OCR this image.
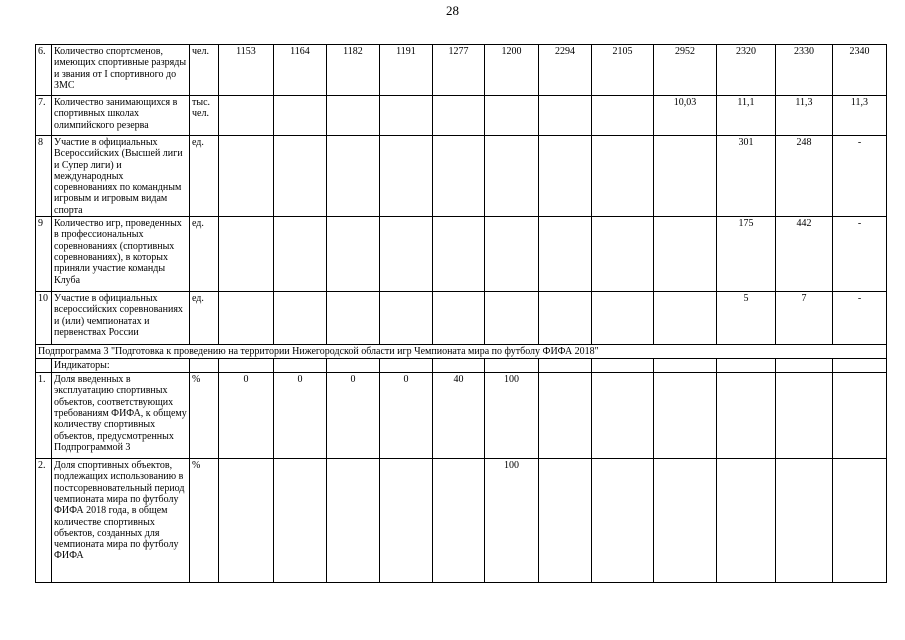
28
6.	Количество спортсменов, имеющих спортивные разряды и звания от I спортивного до ЗМС	чел.	1153	1164	1182	1191	1277	1200	2294	2105	2952	2320	2330	2340
7.	Количество занимающихся в спортивных школах олимпийского резерва	тыс. чел.									10,03	11,1	11,3	11,3
8	Участие в официальных Всероссийских (Высшей лиги и Супер лиги) и международных соревнованиях по командным игровым и игровым видам спорта	ед.										301	248	-
9	Количество игр, проведенных в профессиональных соревнованиях (спортивных соревнованиях), в которых приняли участие команды Клуба	ед.										175	442	-
10	Участие в официальных всероссийских соревнованиях и (или) чемпионатах и первенствах России	ед.										5	7	-
Подпрограмма 3 "Подготовка к проведению на территории Нижегородской области игр Чемпионата мира по футболу ФИФА 2018"														
	Индикаторы:													
1.	Доля введенных в эксплуатацию спортивных объектов, соответствующих требованиям ФИФА, к общему количеству спортивных объектов, предусмотренных Подпрограммой 3	%	0	0	0	0	40	100						
2.	Доля спортивных объектов, подлежащих использованию в постсоревновательный период чемпионата мира по футболу ФИФА 2018 года, в общем количестве спортивных объектов, созданных для чемпионата мира по футболу ФИФА	%						100						
